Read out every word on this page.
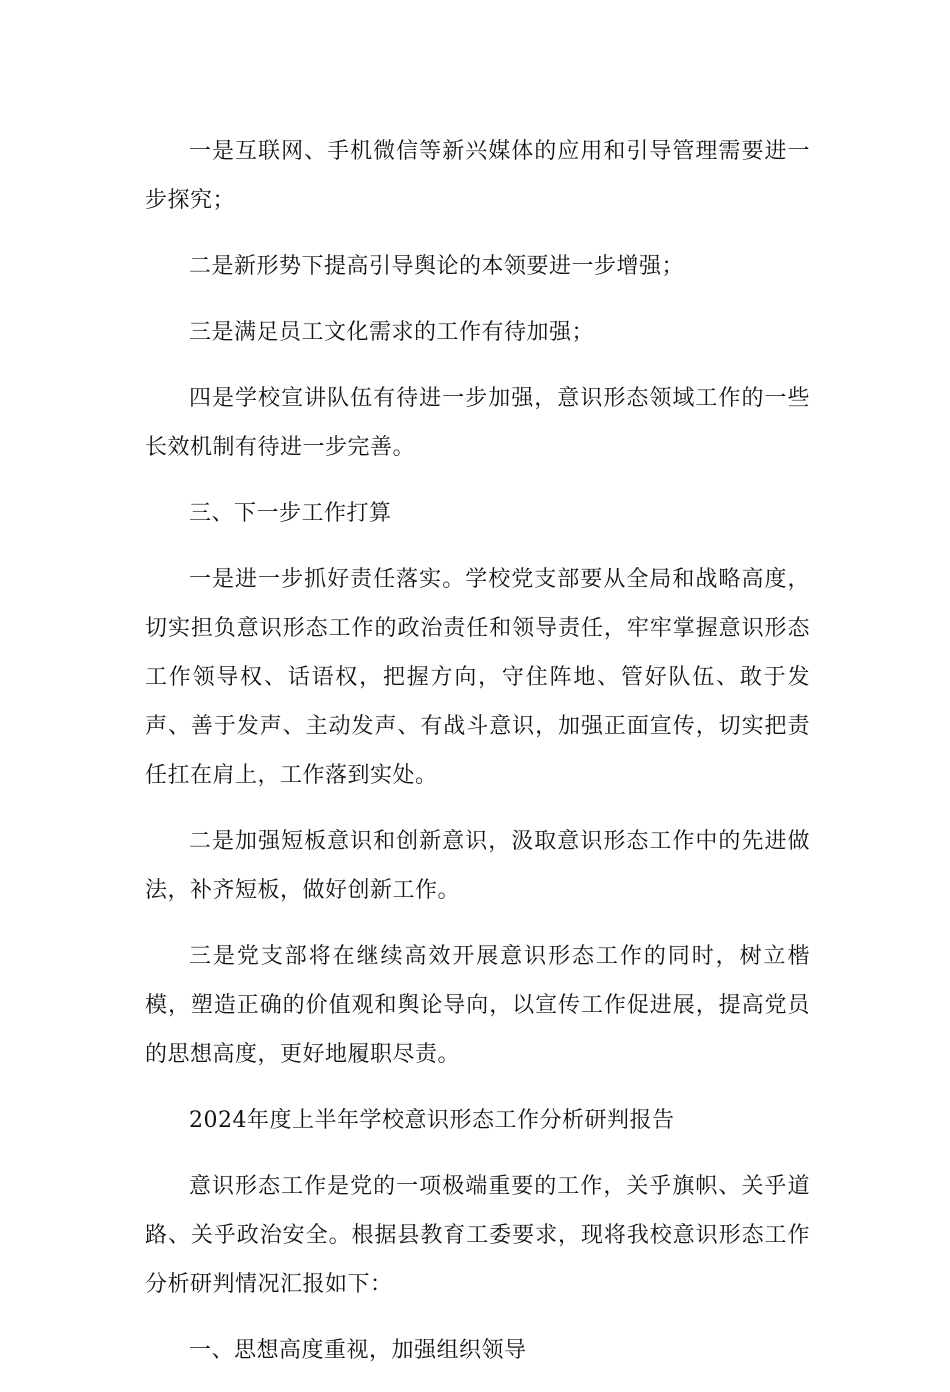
一是互联网、手机微信等新兴媒体的应用和引导管理需要进一步探究；

二是新形势下提高引导舆论的本领要进一步增强；

三是满足员工文化需求的工作有待加强；

四是学校宣讲队伍有待进一步加强，意识形态领域工作的一些长效机制有待进一步完善。

三、下一步工作打算

一是进一步抓好责任落实。学校党支部要从全局和战略高度，切实担负意识形态工作的政治责任和领导责任，牢牢掌握意识形态工作领导权、话语权，把握方向，守住阵地、管好队伍、敢于发声、善于发声、主动发声、有战斗意识，加强正面宣传，切实把责任扛在肩上，工作落到实处。

二是加强短板意识和创新意识，汲取意识形态工作中的先进做法，补齐短板，做好创新工作。

三是党支部将在继续高效开展意识形态工作的同时，树立楷模，塑造正确的价值观和舆论导向，以宣传工作促进展，提高党员的思想高度，更好地履职尽责。

2024年度上半年学校意识形态工作分析研判报告

意识形态工作是党的一项极端重要的工作，关乎旗帜、关乎道路、关乎政治安全。根据县教育工委要求，现将我校意识形态工作分析研判情况汇报如下：

一、思想高度重视，加强组织领导
